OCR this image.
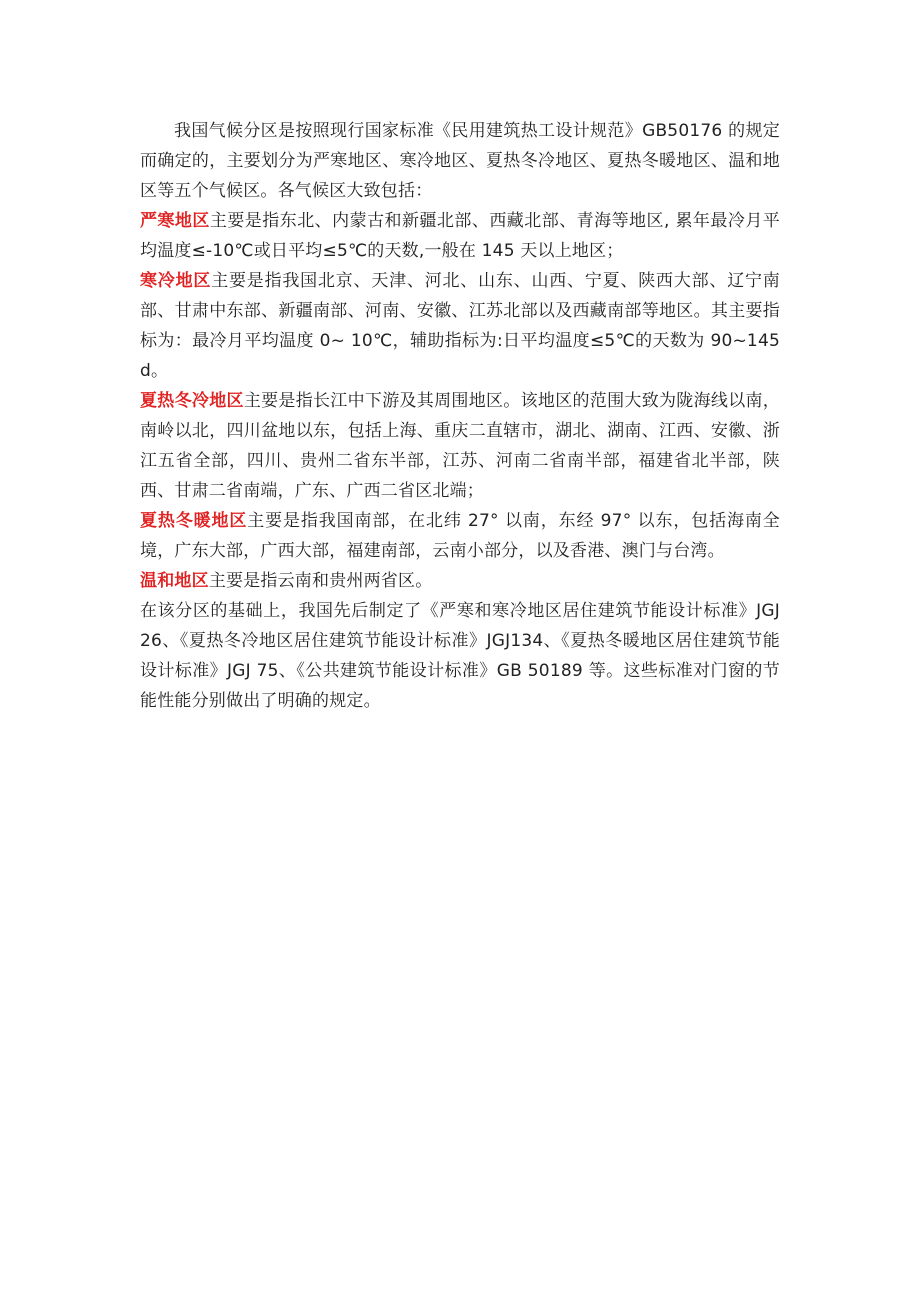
我国气候分区是按照现行国家标准《民用建筑热工设计规范》GB50176 的规定而确定的，主要划分为严寒地区、寒冷地区、夏热冬冷地区、夏热冬暖地区、温和地区等五个气候区。各气候区大致包括：

严寒地区主要是指东北、内蒙古和新疆北部、西藏北部、青海等地区, 累年最冷月平均温度≤-10℃或日平均≤5℃的天数,一般在 145 天以上地区；

寒冷地区主要是指我国北京、天津、河北、山东、山西、宁夏、陕西大部、辽宁南部、甘肃中东部、新疆南部、河南、安徽、江苏北部以及西藏南部等地区。其主要指标为：最冷月平均温度 0~ 10℃，辅助指标为:日平均温度≤5℃的天数为 90~145d。

夏热冬冷地区主要是指长江中下游及其周围地区。该地区的范围大致为陇海线以南，南岭以北，四川盆地以东，包括上海、重庆二直辖市，湖北、湖南、江西、安徽、浙江五省全部，四川、贵州二省东半部，江苏、河南二省南半部，福建省北半部，陕西、甘肃二省南端，广东、广西二省区北端；

夏热冬暖地区主要是指我国南部，在北纬 27° 以南，东经 97° 以东，包括海南全境，广东大部，广西大部，福建南部，云南小部分，以及香港、澳门与台湾。

温和地区主要是指云南和贵州两省区。

在该分区的基础上，我国先后制定了《严寒和寒冷地区居住建筑节能设计标准》JGJ 26、《夏热冬冷地区居住建筑节能设计标准》JGJ134、《夏热冬暖地区居住建筑节能设计标准》JGJ 75、《公共建筑节能设计标准》GB 50189 等。这些标准对门窗的节能性能分别做出了明确的规定。
